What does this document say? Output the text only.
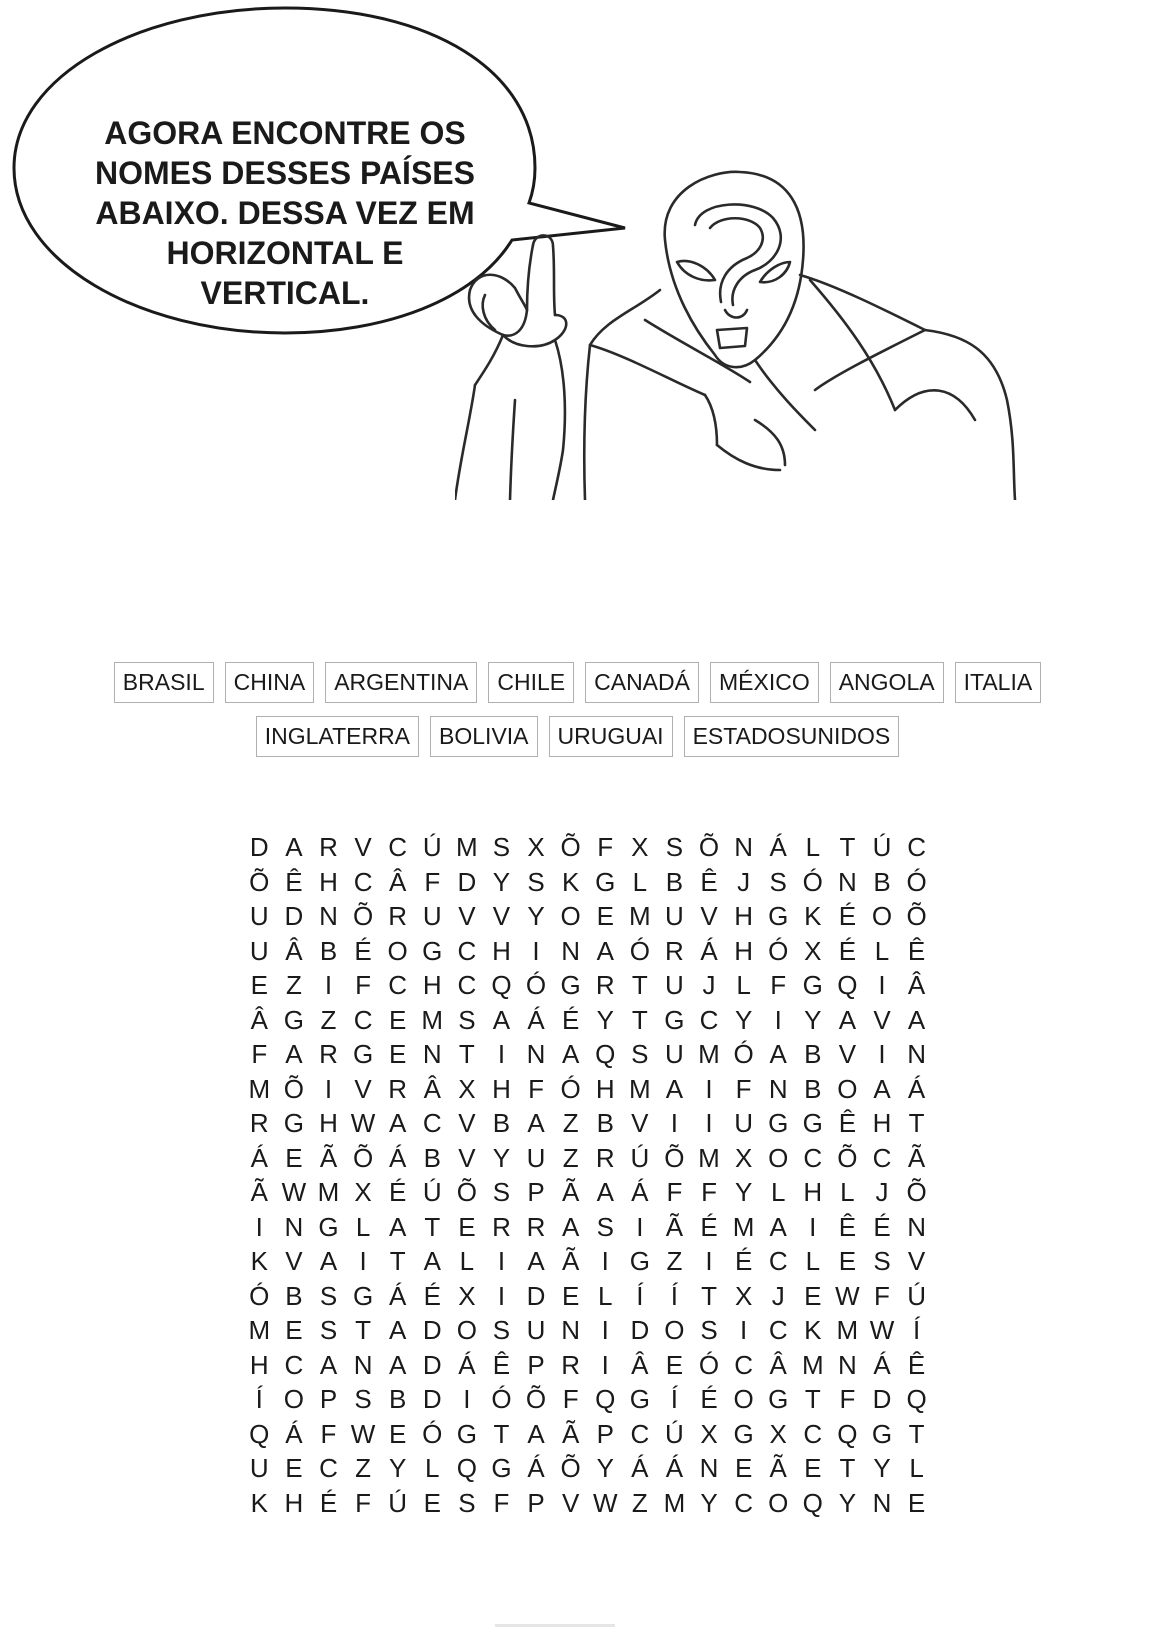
AGORA ENCONTRE OS
NOMES DESSES PAÍSES
ABAIXO. DESSA VEZ EM
HORIZONTAL E
VERTICAL.
BRASIL	CHINA	ARGENTINA	CHILE	CANADÁ	MÉXICO	ANGOLA	ITALIA
INGLATERRA	BOLIVIA	URUGUAI	ESTADOSUNIDOS
D A R V C Ú M S X Õ F X S Õ N Á L T Ú C
Õ Ê H C Â F D Y S K G L B Ê J S Ó N B Ó
U D N Õ R U V V Y O E M U V H G K É O Õ
U Â B É O G C H I N A Ó R Á H Ó X É L Ê
E Z I F C H C Q Ó G R T U J L F G Q I Â
Â G Z C E M S A Á É Y T G C Y I Y A V A
F A R G E N T I N A Q S U M Ó A B V I N
M Õ I V R Â X H F Ó H M A I F N B O A Á
R G H W A C V B A Z B V I	I U G G Ê H T
Á E Ã Õ Á B V Y U Z R Ú Õ M X O C Õ C Ã
Ã W M X É Ú Õ S P Ã A Á F F Y L H L J Õ
I N G L A T E R R A S I Ã É M A I Ê É N
K V A I T A L I A Ã I G Z I É C L E S V
Ó B S G Á É X I D E L Í	Í T X J E W F Ú
M E S T A D O S U N I D O S I C K M W Í
H C A N A D Á Ê P R I Â E Ó C Â M N Á Ê
Í O P S B D I Ó Õ F Q G Í É O G T F D Q
Q Á F W E Ó G T A Ã P C Ú X G X C Q G T
U E C Z Y L Q G Á Õ Y Á Á N E Ã E T Y L
K H É F Ú E S F P V W Z M Y C O Q Y N E
